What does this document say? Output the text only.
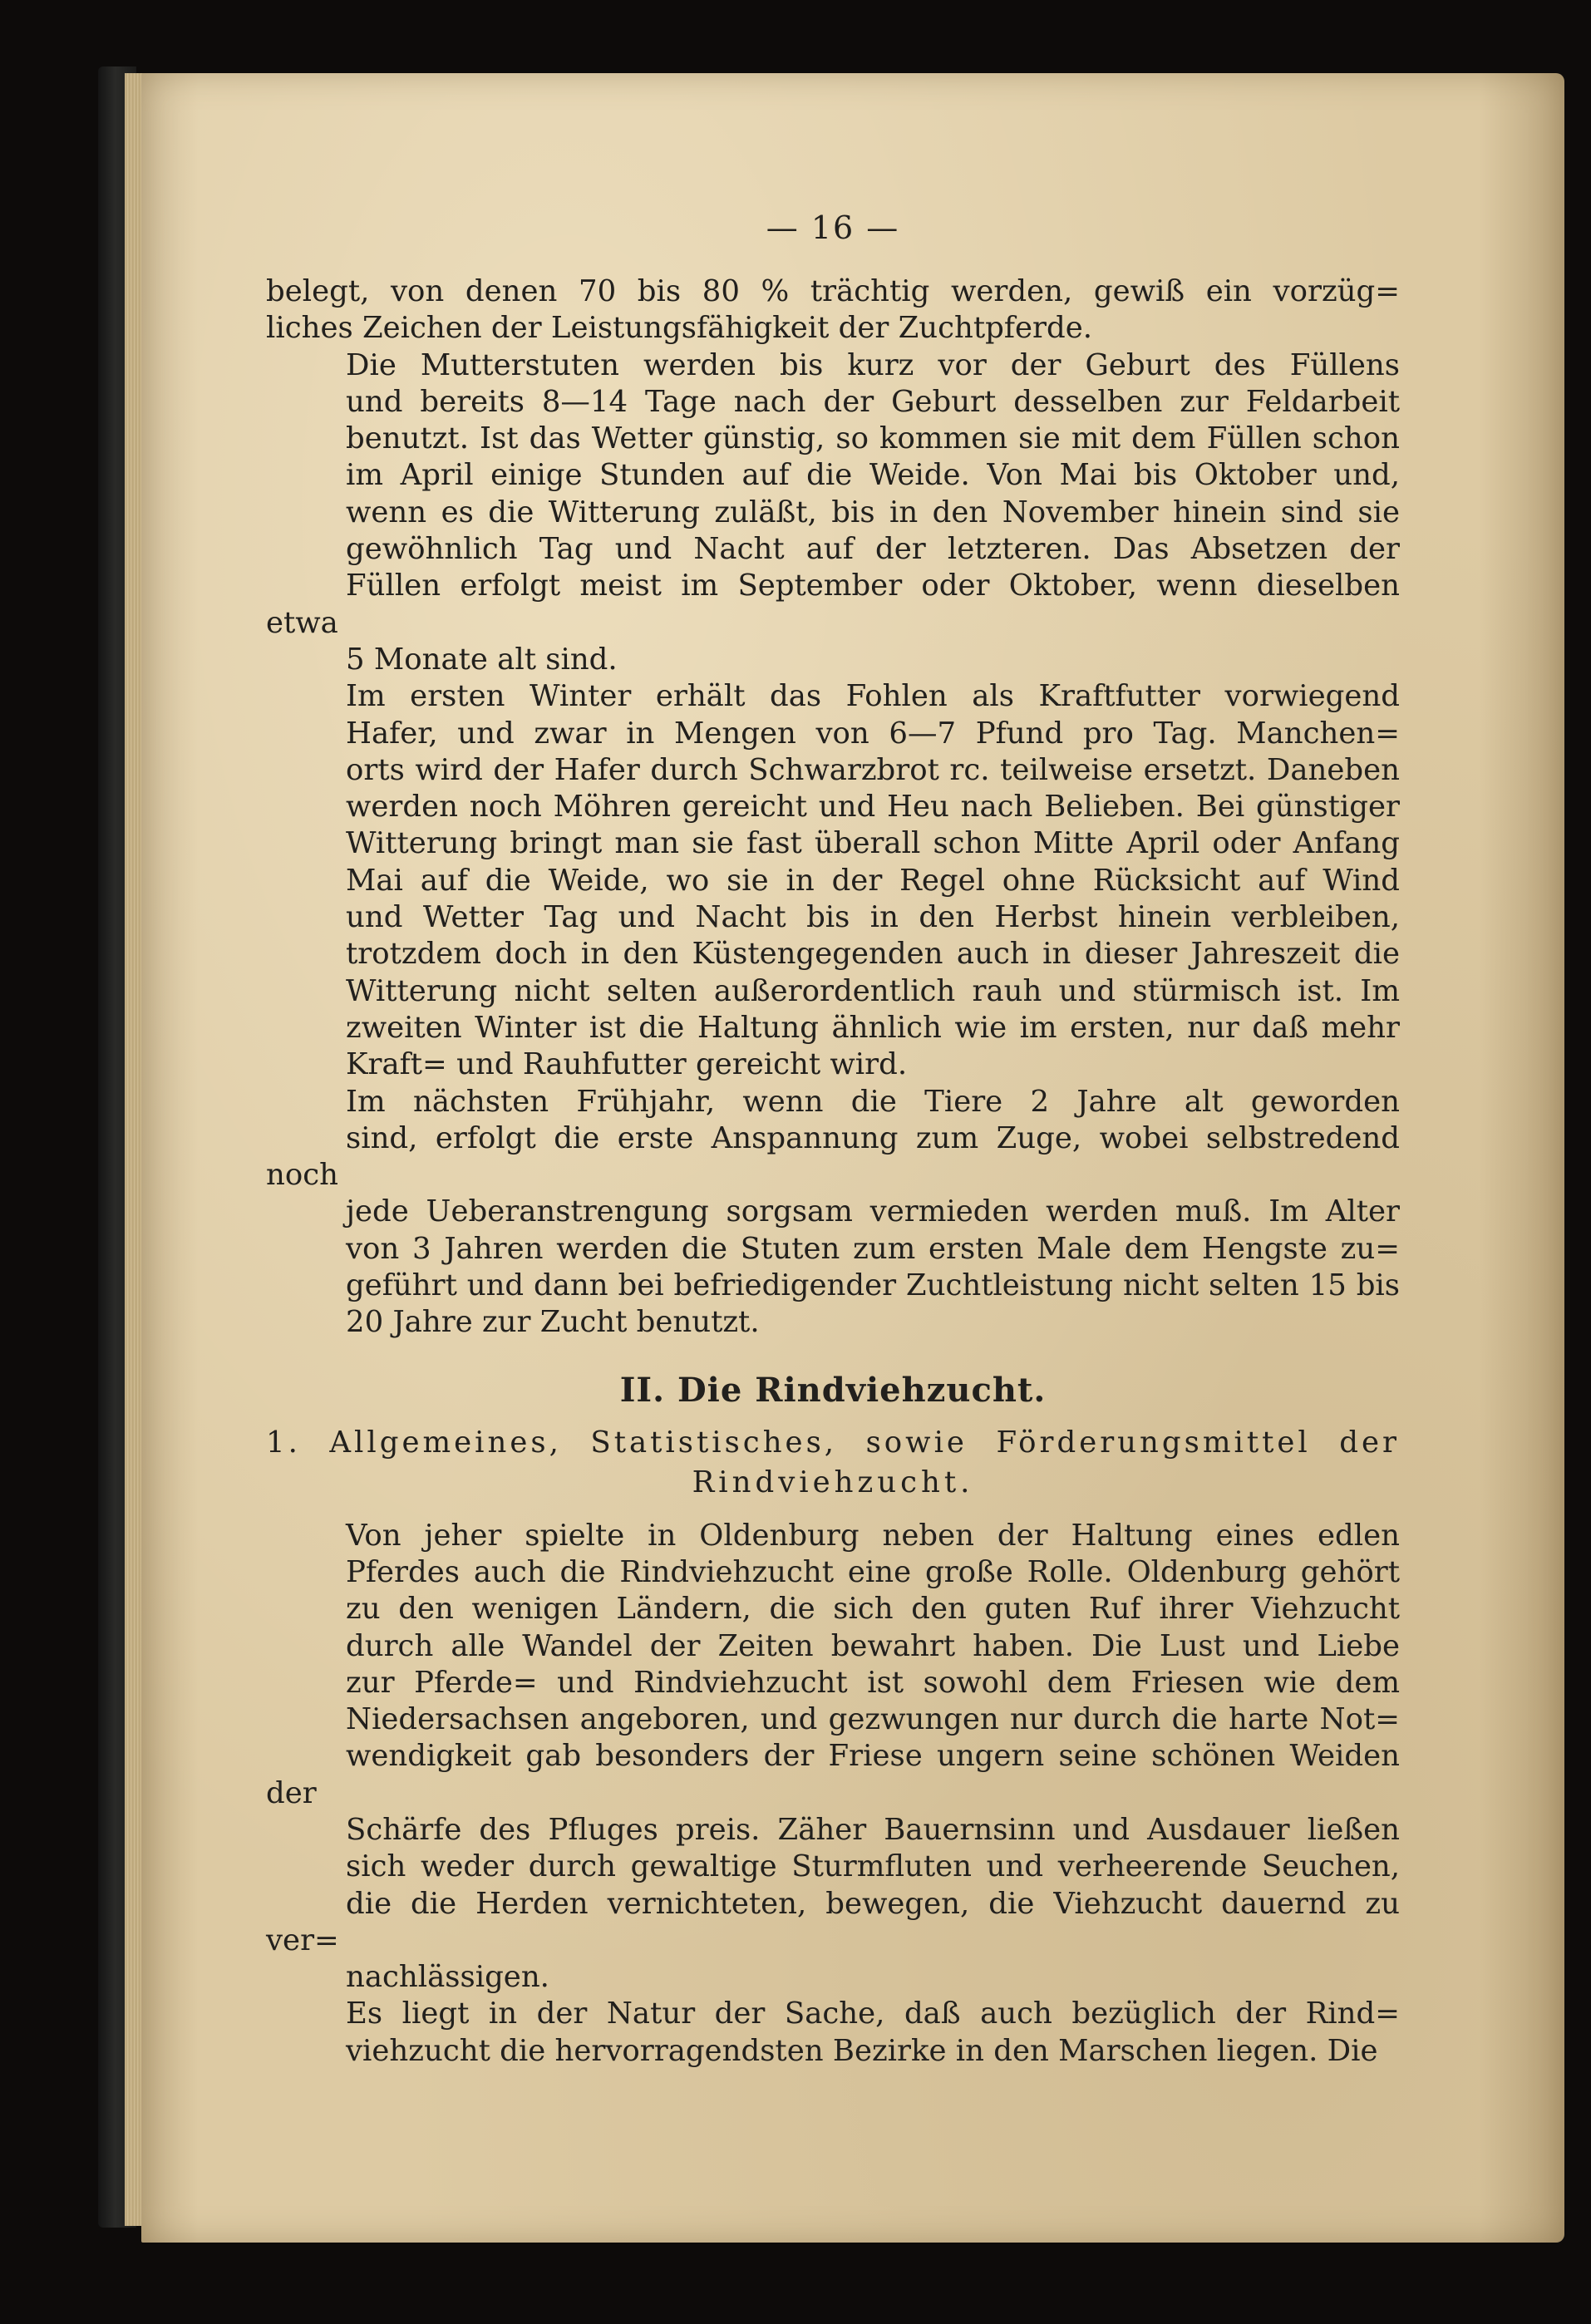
— 16 —

belegt, von denen 70 bis 80 % trächtig werden, gewiß ein vorzüg=
liches Zeichen der Leistungsfähigkeit der Zuchtpferde.

Die Mutterstuten werden bis kurz vor der Geburt des Füllens
und bereits 8—14 Tage nach der Geburt desselben zur Feldarbeit
benutzt. Ist das Wetter günstig, so kommen sie mit dem Füllen schon
im April einige Stunden auf die Weide. Von Mai bis Oktober und,
wenn es die Witterung zuläßt, bis in den November hinein sind sie
gewöhnlich Tag und Nacht auf der letzteren. Das Absetzen der
Füllen erfolgt meist im September oder Oktober, wenn dieselben etwa
5 Monate alt sind.

Im ersten Winter erhält das Fohlen als Kraftfutter vorwiegend
Hafer, und zwar in Mengen von 6—7 Pfund pro Tag. Manchen=
orts wird der Hafer durch Schwarzbrot rc. teilweise ersetzt. Daneben
werden noch Möhren gereicht und Heu nach Belieben. Bei günstiger
Witterung bringt man sie fast überall schon Mitte April oder Anfang
Mai auf die Weide, wo sie in der Regel ohne Rücksicht auf Wind
und Wetter Tag und Nacht bis in den Herbst hinein verbleiben,
trotzdem doch in den Küstengegenden auch in dieser Jahreszeit die
Witterung nicht selten außerordentlich rauh und stürmisch ist. Im
zweiten Winter ist die Haltung ähnlich wie im ersten, nur daß mehr
Kraft= und Rauhfutter gereicht wird.

Im nächsten Frühjahr, wenn die Tiere 2 Jahre alt geworden
sind, erfolgt die erste Anspannung zum Zuge, wobei selbstredend noch
jede Ueberanstrengung sorgsam vermieden werden muß. Im Alter
von 3 Jahren werden die Stuten zum ersten Male dem Hengste zu=
geführt und dann bei befriedigender Zuchtleistung nicht selten 15 bis
20 Jahre zur Zucht benutzt.

II. Die Rindviehzucht.
1. Allgemeines, Statistisches, sowie Förderungsmittel der
Rindviehzucht.

Von jeher spielte in Oldenburg neben der Haltung eines edlen
Pferdes auch die Rindviehzucht eine große Rolle. Oldenburg gehört
zu den wenigen Ländern, die sich den guten Ruf ihrer Viehzucht
durch alle Wandel der Zeiten bewahrt haben. Die Lust und Liebe
zur Pferde= und Rindviehzucht ist sowohl dem Friesen wie dem
Niedersachsen angeboren, und gezwungen nur durch die harte Not=
wendigkeit gab besonders der Friese ungern seine schönen Weiden der
Schärfe des Pfluges preis. Zäher Bauernsinn und Ausdauer ließen
sich weder durch gewaltige Sturmfluten und verheerende Seuchen,
die die Herden vernichteten, bewegen, die Viehzucht dauernd zu ver=
nachlässigen.

Es liegt in der Natur der Sache, daß auch bezüglich der Rind=
viehzucht die hervorragendsten Bezirke in den Marschen liegen. Die
